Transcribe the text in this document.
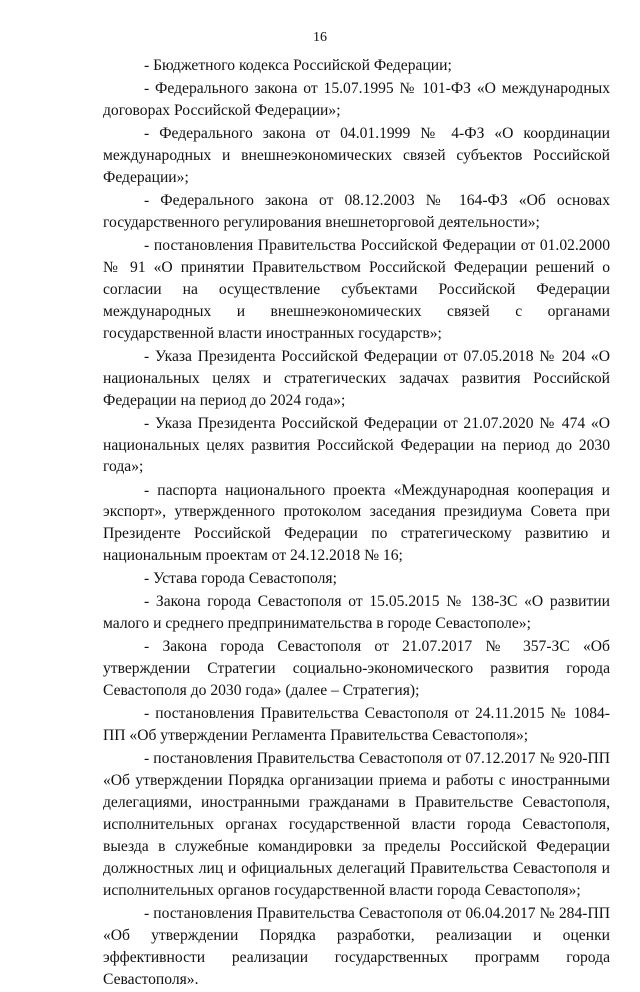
16

- Бюджетного кодекса Российской Федерации;

- Федерального закона от 15.07.1995 № 101-ФЗ «О международных договорах Российской Федерации»;

- Федерального закона от 04.01.1999 № 4-ФЗ «О координации международных и внешнеэкономических связей субъектов Российской Федерации»;

- Федерального закона от 08.12.2003 № 164-ФЗ «Об основах государственного регулирования внешнеторговой деятельности»;

- постановления Правительства Российской Федерации от 01.02.2000 № 91 «О принятии Правительством Российской Федерации решений о согласии на осуществление субъектами Российской Федерации международных и внешнеэкономических связей с органами государственной власти иностранных государств»;

- Указа Президента Российской Федерации от 07.05.2018 № 204 «О национальных целях и стратегических задачах развития Российской Федерации на период до 2024 года»;

- Указа Президента Российской Федерации от 21.07.2020 № 474 «О национальных целях развития Российской Федерации на период до 2030 года»;

- паспорта национального проекта «Международная кооперация и экспорт», утвержденного протоколом заседания президиума Совета при Президенте Российской Федерации по стратегическому развитию и национальным проектам от 24.12.2018 № 16;

- Устава города Севастополя;

- Закона города Севастополя от 15.05.2015 № 138-ЗС «О развитии малого и среднего предпринимательства в городе Севастополе»;

- Закона города Севастополя от 21.07.2017 № 357-ЗС «Об утверждении Стратегии социально-экономического развития города Севастополя до 2030 года» (далее – Стратегия);

- постановления Правительства Севастополя от 24.11.2015 № 1084-ПП «Об утверждении Регламента Правительства Севастополя»;

- постановления Правительства Севастополя от 07.12.2017 № 920-ПП «Об утверждении Порядка организации приема и работы с иностранными делегациями, иностранными гражданами в Правительстве Севастополя, исполнительных органах государственной власти города Севастополя, выезда в служебные командировки за пределы Российской Федерации должностных лиц и официальных делегаций Правительства Севастополя и исполнительных органов государственной власти города Севастополя»;

- постановления Правительства Севастополя от 06.04.2017 № 284-ПП «Об утверждении Порядка разработки, реализации и оценки эффективности реализации государственных программ города Севастополя».
